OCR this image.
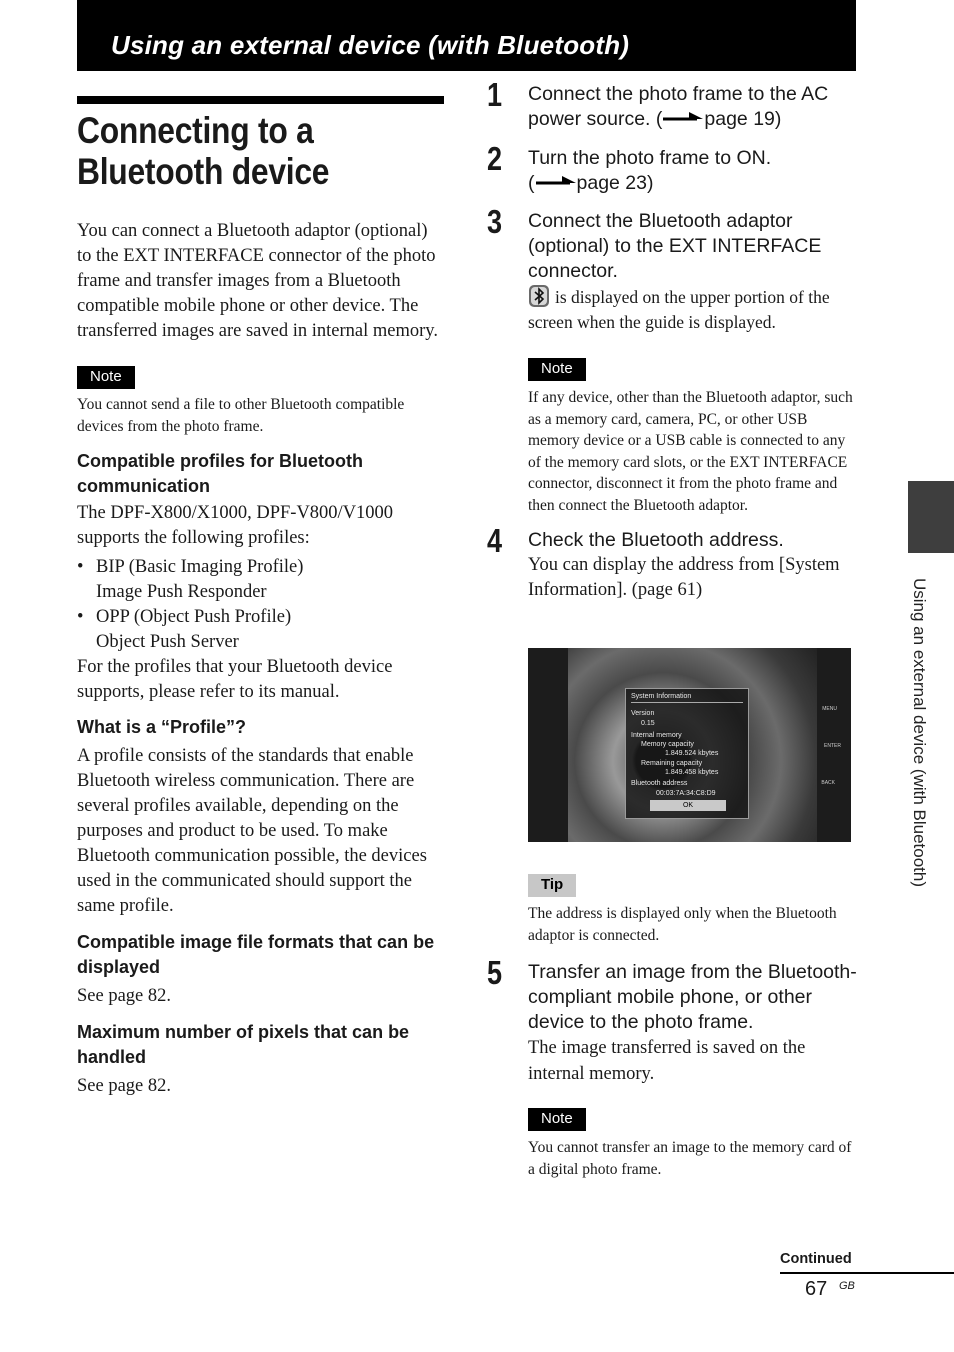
Using an external device (with Bluetooth)
Connecting to a
Bluetooth device

You can connect a Bluetooth adaptor (optional) to the EXT INTERFACE connector of the photo frame and transfer images from a Bluetooth compatible mobile phone or other device. The transferred images are saved in internal memory.

Note

You cannot send a file to other Bluetooth compatible devices from the photo frame.

Compatible profiles for Bluetooth communication

The DPF-X800/X1000, DPF-V800/V1000 supports the following profiles:

• BIP (Basic Imaging Profile)
Image Push Responder
• OPP (Object Push Profile)
Object Push Server

For the profiles that your Bluetooth device supports, please refer to its manual.

What is a “Profile”?

A profile consists of the standards that enable Bluetooth wireless communication. There are several profiles available, depending on the purposes and product to be used. To make Bluetooth communication possible, the devices used in the communicated should support the same profile.

Compatible image file formats that can be displayed

See page 82.

Maximum number of pixels that can be handled

See page 82.

1 Connect the photo frame to the AC power source. ( page 19)

2 Turn the photo frame to ON.
( page 23)

3 Connect the Bluetooth adaptor (optional) to the EXT INTERFACE connector.

is displayed on the upper portion of the screen when the guide is displayed.

Note

If any device, other than the Bluetooth adaptor, such as a memory card, camera, PC, or other USB memory device or a USB cable is connected to any of the memory card slots, or the EXT INTERFACE connector, disconnect it from the photo frame and then connect the Bluetooth adaptor.

4 Check the Bluetooth address.

You can display the address from [System Information]. (page 61)

System Information
Version
0.15
Internal memory
Memory capacity
1.849.524 kbytes
Remaining capacity
1.849.458 kbytes
Bluetooth address
00:03:7A:34:C8:D9
OK
MENU
ENTER
BACK
Tip

The address is displayed only when the Bluetooth adaptor is connected.

5 Transfer an image from the Bluetooth-compliant mobile phone, or other device to the photo frame.

The image transferred is saved on the internal memory.

Note

You cannot transfer an image to the memory card of a digital photo frame.

Using an external device (with Bluetooth)
Continued
67 GB
